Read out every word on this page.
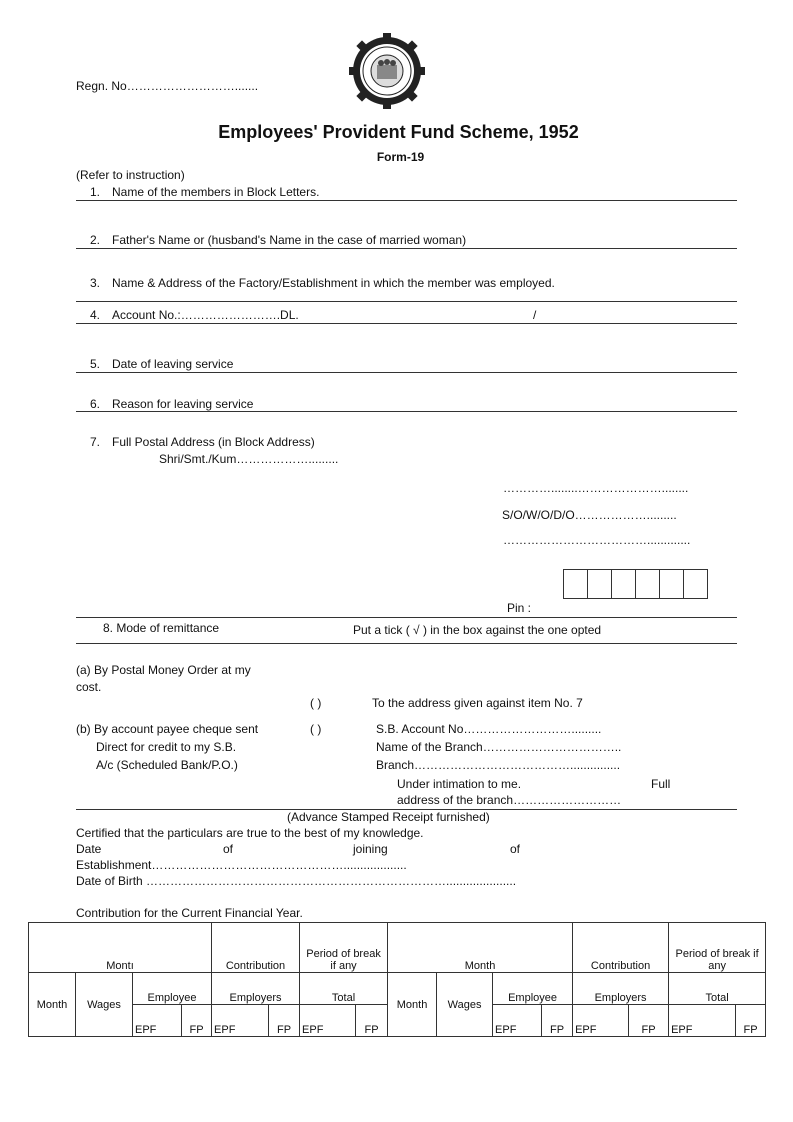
Regn. No……………………….......
Employees' Provident Fund Scheme, 1952
Form-19
(Refer to instruction)
1. Name of the members in Block Letters.
2. Father's Name or (husband's Name in the case of married woman)
3. Name & Address of the Factory/Establishment in which the member was employed.
4. Account No.:…………………….DL.	/
5. Date of leaving service
6. Reason for leaving service
7. Full Postal Address (in Block Address)
Shri/Smt./Kum……………….........
…………........…………………........
S/O/W/O/D/O……………….........
……………………………….............
Pin :
8. Mode of remittance	Put a tick ( √ ) in the box against the one opted
(a) By Postal Money Order at my
cost.
( )	To the address given against item No. 7
(b) By account payee cheque sent	( )	S.B. Account No……………………….........
Direct for credit to my S.B.	Name of the Branch……………………………..
A/c (Scheduled Bank/P.O.)	Branch…………………………………...............
Under intimation to me.	Full
address of the branch………………………
(Advance Stamped Receipt furnished)
Certified that the particulars are true to the best of my knowledge.
Date	of	joining	of
Establishment…………………………………………...................
Date of Birth ………………………………………………………………….....................
Contribution for the Current Financial Year.
Montı				Contribution		Period of break if any		Month				Contribution		Period of break if any	
Month	Wages	Employee		Employers		Total		Month	Wages	Employee		Employers		Total	
		EPF	FP	EPF	FP	EPF	FP			EPF	FP	EPF	FP	EPF	FP
